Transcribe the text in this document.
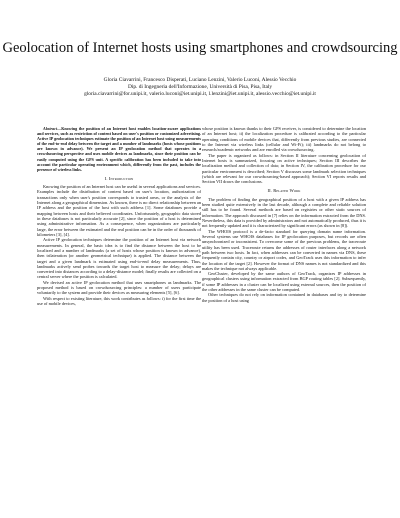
Geolocation of Internet hosts using smartphones and crowdsourcing
Gloria Ciavarrini, Francesco Disperati, Luciano Lenzini, Valerio Luconi, Alessio Vecchio
Dip. di Ingegneria dell'Informazione, Università di Pisa, Pisa, Italy
gloria.ciavarrini@for.unipi.it, valerio.luconi@iet.unipi.it, l.lenzini@iet.unipi.it, alessio.vecchio@iet.unipi.it

Abstract—Knowing the position of an Internet host enables location-aware applications and services, such as restriction of content based on user's position or customized advertising. Active IP geolocation techniques estimate the position of an Internet host using measurements of the end-to-end delay between the target and a number of landmarks (hosts whose positions are known in advance). We present an IP geolocation method that operates in a crowdsourcing perspective and uses mobile devices as landmarks, since their position can be easily computed using the GPS unit. A specific calibration has been included to take into account the particular operating environment which, differently from the past, includes the presence of wireless links.

I. Introduction

Knowing the position of an Internet host can be useful in several applications and services. Examples include the distribution of content based on user's location, authorization of transactions only when user's position corresponds to trusted areas, or the analysis of the Internet along a geographical dimension. As known, there is no direct relationship between an IP address and the position of the host with such address [1]. Some databases provide a mapping between hosts and their believed coordinates. Unfortunately, geographic data stored in these databases is not particularly accurate [2], since the position of a host is determined using administrative information. As a consequence, when organizations are particularly large, the error between the estimated and the real position can be in the order of thousands of kilometers [3], [4].

Active IP geolocation techniques determine the position of an Internet host via network measurements. In general, the basic idea is to find the distance between the host to be localized and a number of landmarks (a set of hosts whose position is known in advance), then trilateration (or another geometrical technique) is applied. The distance between the target and a given landmark is estimated using end-to-end delay measurements. Thus, landmarks actively send probes towards the target host to measure the delay; delays are converted into distances according to a delay-distance model; finally results are collected on a central server where the position is calculated.

We devised an active IP geolocation method that uses smartphones as landmarks. The proposed method is based on crowdsourcing principles: a number of users participate voluntarily to the system and provide their devices as measuring elements [5], [6].

With respect to existing literature, this work contributes as follows: i) for the first time the use of mobile devices,

whose position is known thanks to their GPS receiver, is considered to determine the location of an Internet host; ii) the localization procedure is calibrated according to the particular operating conditions of mobile devices that, differently from previous studies, are connected to the Internet via wireless links (cellular and Wi-Fi); iii) landmarks do not belong to research/academic networks and are enrolled via crowdsourcing.

The paper is organized as follows: in Section II literature concerning geolocation of Internet hosts is summarized, focusing on active techniques; Section III describes the localization method and collection of data; in Section IV, the calibration procedure for our particular environment is described; Section V discusses some landmark selection techniques (which are relevant for our crowdsourcing-based approach); Section VI reports results and Section VII draws the conclusions.

II. Related Work

The problem of finding the geographical position of a host with a given IP address has been studied quite extensively in the last decade, although a complete and reliable solution still has to be found. Several methods are based on registries or other static sources of information. The approach discussed in [7] relies on the information extracted from the DNS. Nevertheless, this data is provided by administrators and not automatically produced, thus it is not frequently updated and it is characterized by significant errors (as shown in [8]).

The WHOIS protocol is a de-facto standard for querying domain name information. Several systems use WHOIS databases for IP geolocation purposes, but records are often unsynchronized or inconsistent. To overcome some of the previous problems, the traceroute utility has been used. Traceroute returns the addresses of router interfaces along a network path between two hosts. In fact, when addresses can be converted in names via DNS, these frequently contain city, country or airport codes, and GeoTrack uses this information to infer the location of the target [2]. However the format of DNS names is not standardized and this makes the technique not always applicable.

GeoCluster, developed by the same authors of GeoTrack, organizes IP addresses in geographical clusters using information extracted from BGP routing tables [2]. Subsequently, if some IP addresses in a cluster can be localized using external sources, then the position of the other addresses in the same cluster can be computed.

Other techniques do not rely on information contained in databases and try to determine the position of a host using
